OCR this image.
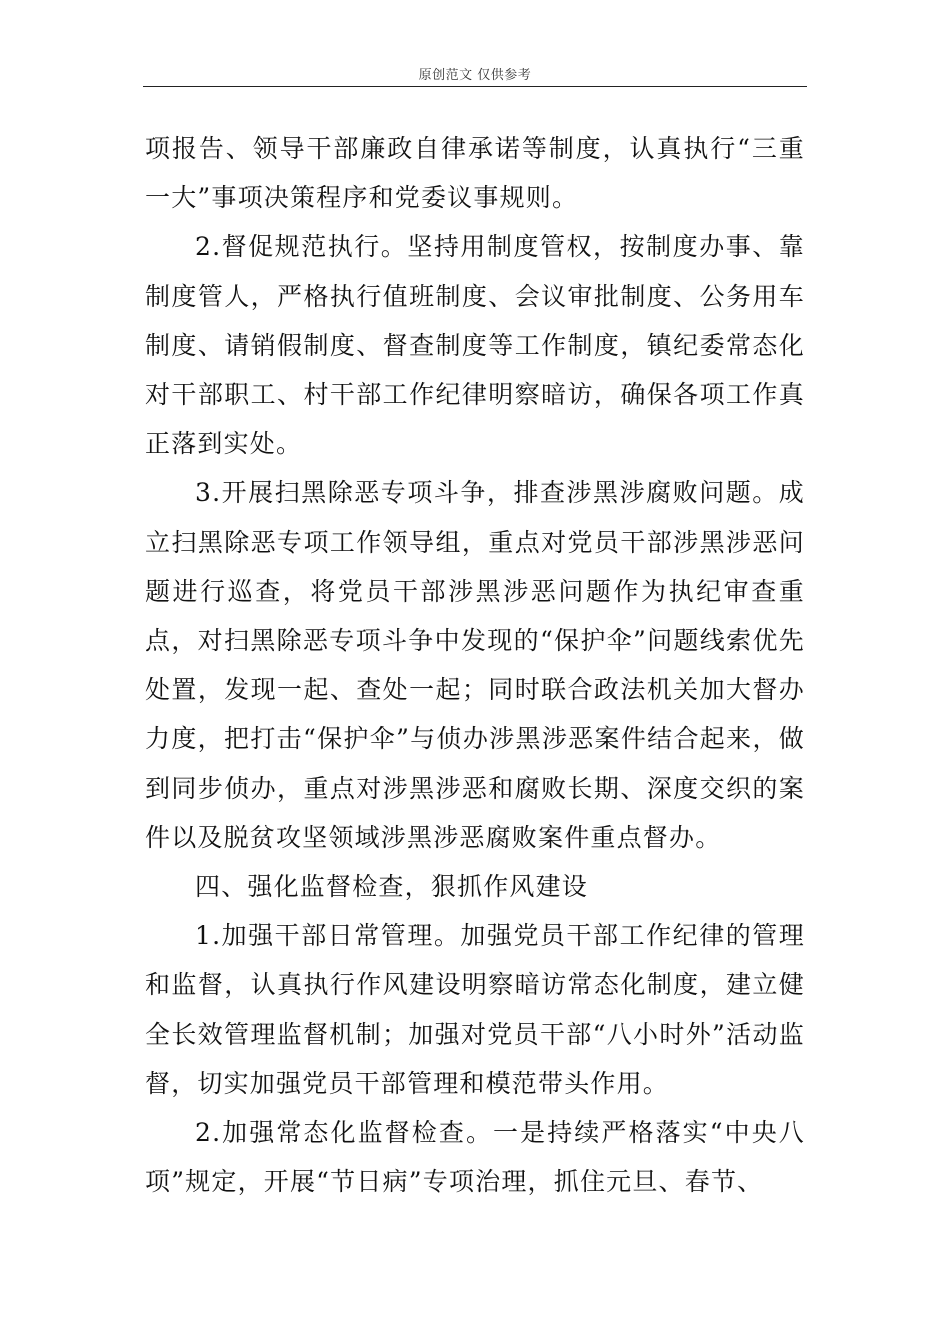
原创范文 仅供参考

项报告、领导干部廉政自律承诺等制度，认真执行“三重一大”事项决策程序和党委议事规则。

2.督促规范执行。坚持用制度管权，按制度办事、靠制度管人，严格执行值班制度、会议审批制度、公务用车制度、请销假制度、督查制度等工作制度，镇纪委常态化对干部职工、村干部工作纪律明察暗访，确保各项工作真正落到实处。

3.开展扫黑除恶专项斗争，排查涉黑涉腐败问题。成立扫黑除恶专项工作领导组，重点对党员干部涉黑涉恶问题进行巡查，将党员干部涉黑涉恶问题作为执纪审查重点，对扫黑除恶专项斗争中发现的“保护伞”问题线索优先处置，发现一起、查处一起；同时联合政法机关加大督办力度，把打击“保护伞”与侦办涉黑涉恶案件结合起来，做到同步侦办，重点对涉黑涉恶和腐败长期、深度交织的案件以及脱贫攻坚领域涉黑涉恶腐败案件重点督办。

四、强化监督检查，狠抓作风建设

1.加强干部日常管理。加强党员干部工作纪律的管理和监督，认真执行作风建设明察暗访常态化制度，建立健全长效管理监督机制；加强对党员干部“八小时外”活动监督，切实加强党员干部管理和模范带头作用。

2.加强常态化监督检查。一是持续严格落实“中央八项”规定，开展“节日病”专项治理，抓住元旦、春节、
